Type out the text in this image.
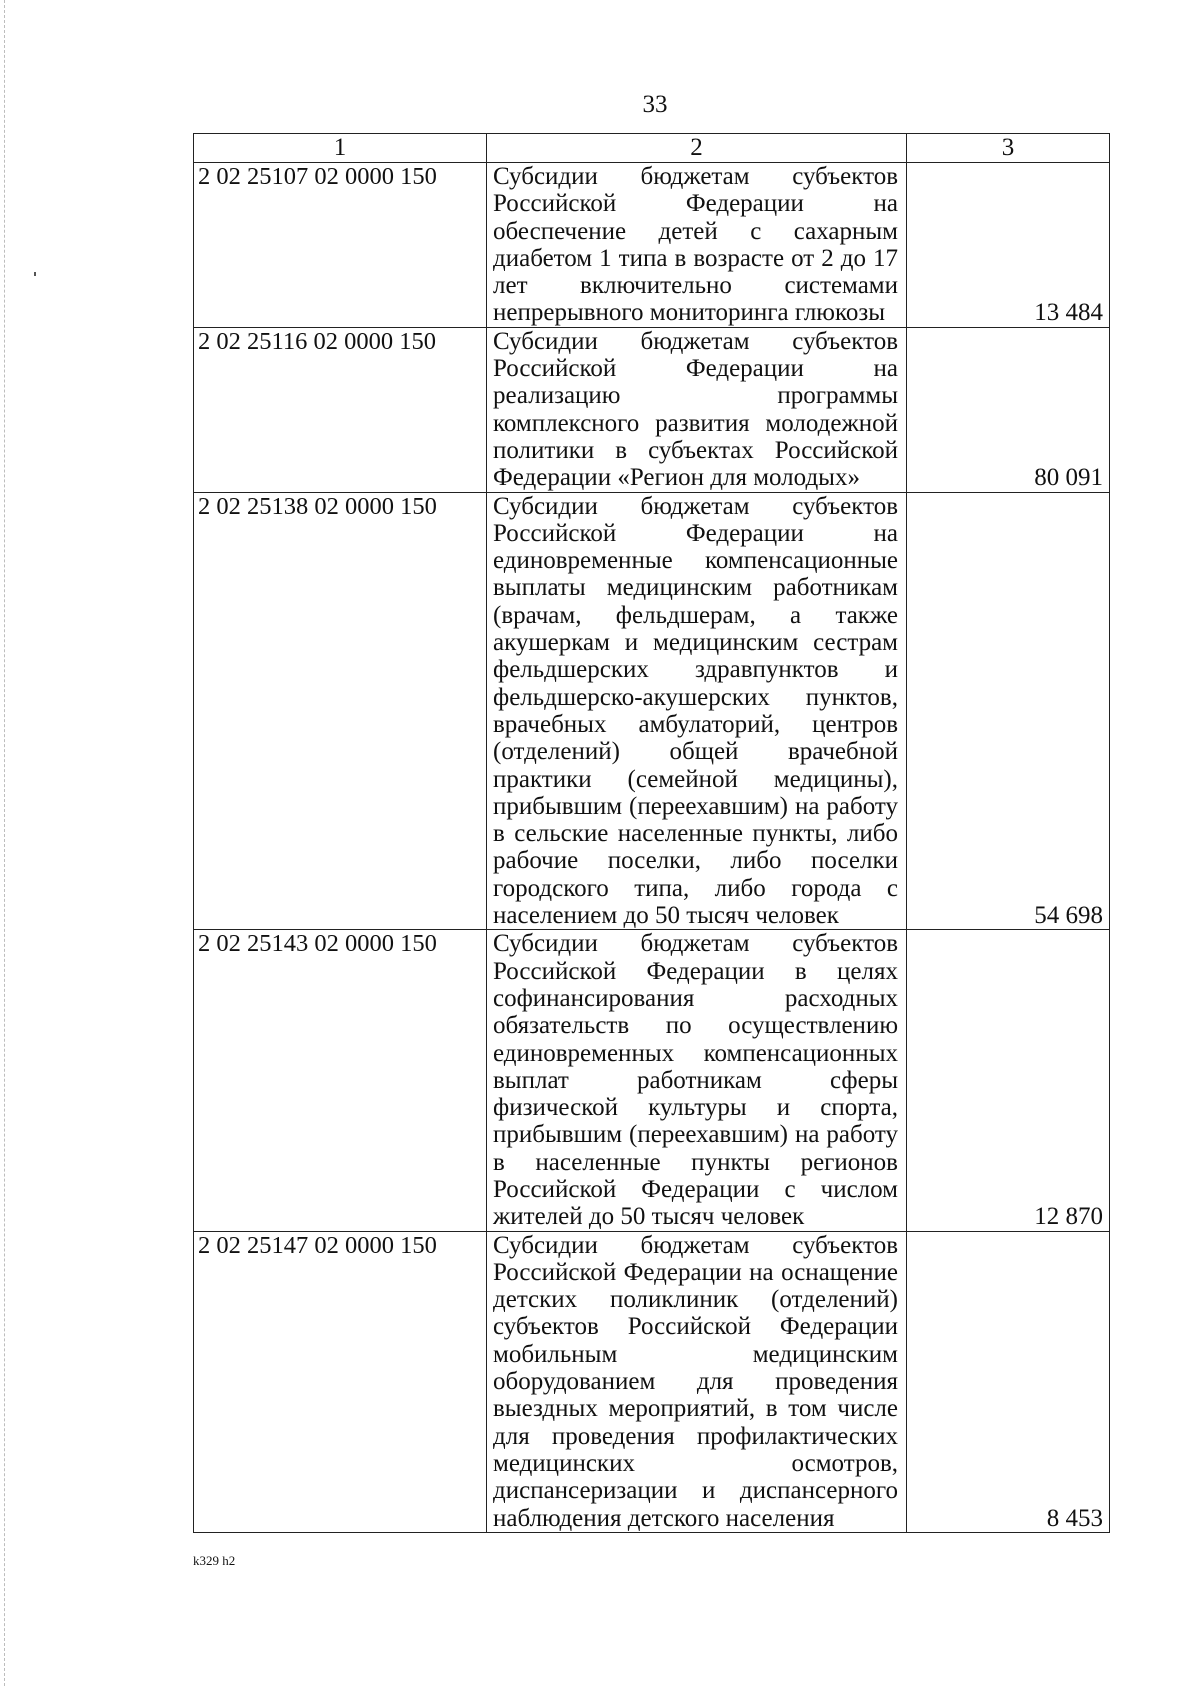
33
1	2	3
2 02 25107 02 0000 150	Субсидии бюджетам субъектов Российской Федерации на обеспечение детей с сахарным диабетом 1 типа в возрасте от 2 до 17 лет включительно системами непрерывного мониторинга глюкозы	13 484
2 02 25116 02 0000 150	Субсидии бюджетам субъектов Российской Федерации на реализацию программы комплексного развития молодежной политики в субъектах Российской Федерации «Регион для молодых»	80 091
2 02 25138 02 0000 150	Субсидии бюджетам субъектов Российской Федерации на единовременные компенсационные выплаты медицинским работникам (врачам, фельдшерам, а также акушеркам и медицинским сестрам фельдшерских здравпунктов и фельдшерско-акушерских пунктов, врачебных амбулаторий, центров (отделений) общей врачебной практики (семейной медицины), прибывшим (переехавшим) на работу в сельские населенные пункты, либо рабочие поселки, либо поселки городского типа, либо города с населением до 50 тысяч человек	54 698
2 02 25143 02 0000 150	Субсидии бюджетам субъектов Российской Федерации в целях софинансирования расходных обязательств по осуществлению единовременных компенсационных выплат работникам сферы физической культуры и спорта, прибывшим (переехавшим) на работу в населенные пункты регионов Российской Федерации с числом жителей до 50 тысяч человек	12 870
2 02 25147 02 0000 150	Субсидии бюджетам субъектов Российской Федерации на оснащение детских поликлиник (отделений) субъектов Российской Федерации мобильным медицинским оборудованием для проведения выездных мероприятий, в том числе для проведения профилактических медицинских осмотров, диспансеризации и диспансерного наблюдения детского населения	8 453
k329 h2
